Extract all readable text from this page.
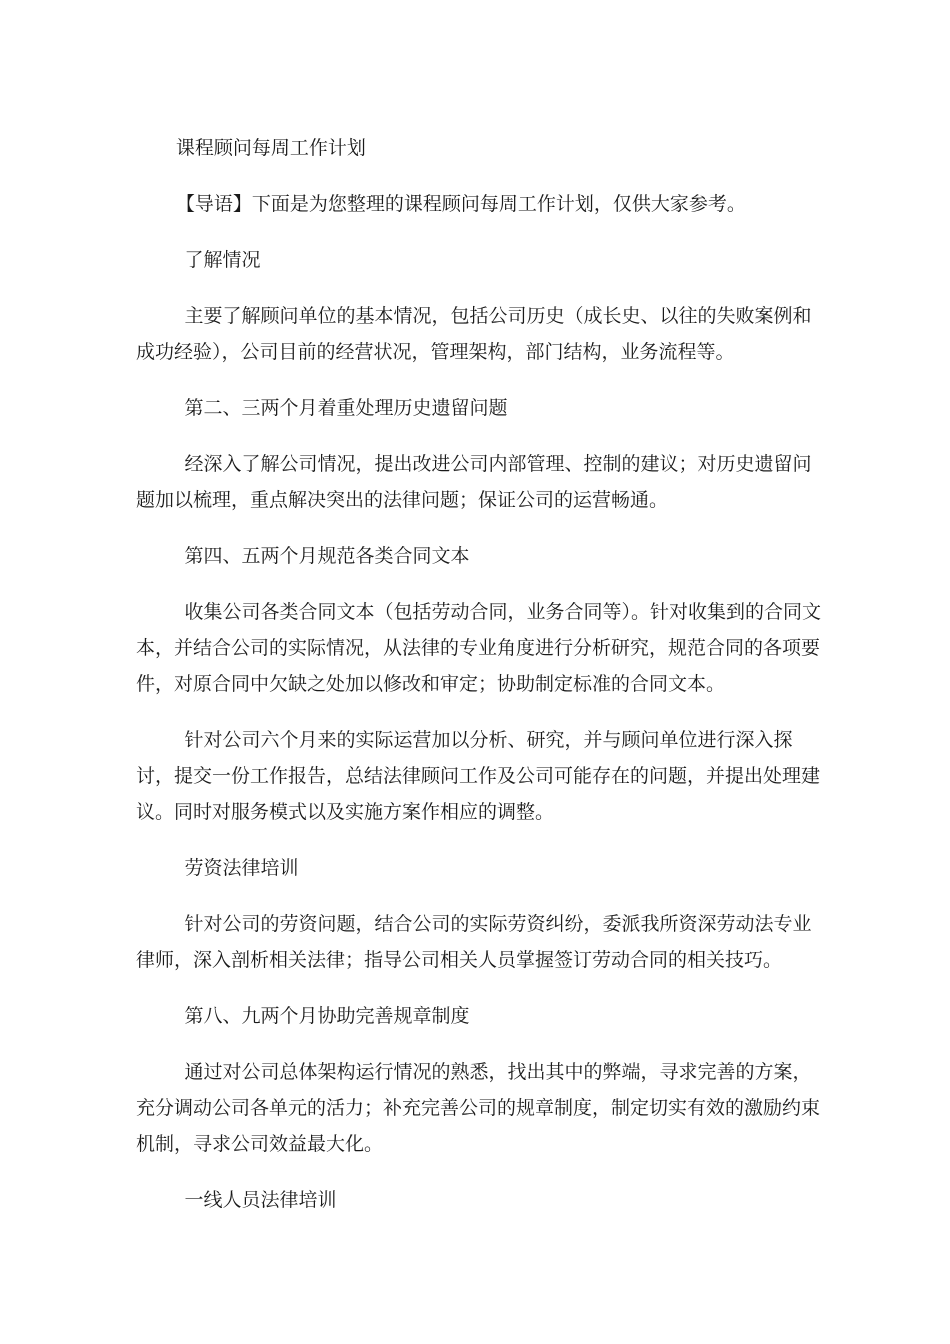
课程顾问每周工作计划

【导语】下面是为您整理的课程顾问每周工作计划，仅供大家参考。

了解情况

主要了解顾问单位的基本情况，包括公司历史（成长史、以往的失败案例和成功经验），公司目前的经营状况，管理架构，部门结构，业务流程等。

第二、三两个月着重处理历史遗留问题

经深入了解公司情况，提出改进公司内部管理、控制的建议；对历史遗留问题加以梳理，重点解决突出的法律问题；保证公司的运营畅通。

第四、五两个月规范各类合同文本

收集公司各类合同文本（包括劳动合同，业务合同等）。针对收集到的合同文本，并结合公司的实际情况，从法律的专业角度进行分析研究，规范合同的各项要件，对原合同中欠缺之处加以修改和审定；协助制定标准的合同文本。

针对公司六个月来的实际运营加以分析、研究，并与顾问单位进行深入探讨，提交一份工作报告，总结法律顾问工作及公司可能存在的问题，并提出处理建议。同时对服务模式以及实施方案作相应的调整。

劳资法律培训

针对公司的劳资问题，结合公司的实际劳资纠纷，委派我所资深劳动法专业律师，深入剖析相关法律；指导公司相关人员掌握签订劳动合同的相关技巧。

第八、九两个月协助完善规章制度

通过对公司总体架构运行情况的熟悉，找出其中的弊端，寻求完善的方案，充分调动公司各单元的活力；补充完善公司的规章制度，制定切实有效的激励约束机制，寻求公司效益最大化。

一线人员法律培训
